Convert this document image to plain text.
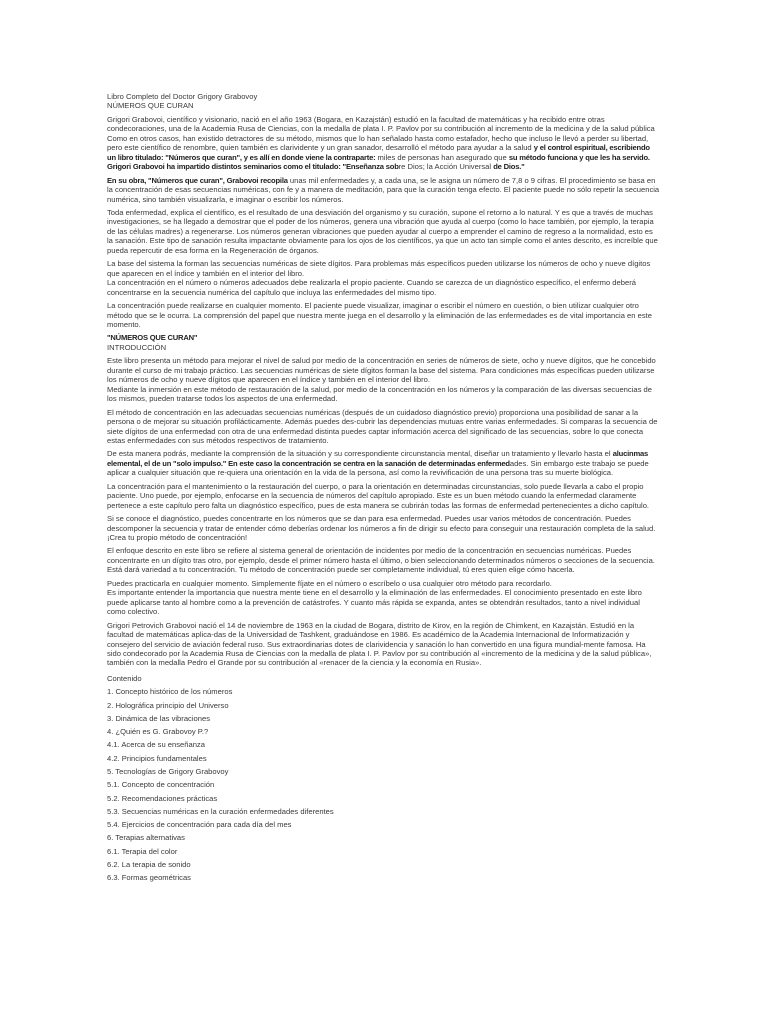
Libro Completo del Doctor Grigory Grabovoy
NÚMEROS QUE CURAN

Grigori Grabovoi, científico y visionario, nació en el año 1963 (Bogara, en Kazajstán) estudió en la facultad de matemáticas y ha recibido entre otras condecoraciones, una de la Academia Rusa de Ciencias, con la medalla de plata I. P. Pavlov por su contribución al incremento de la medicina y de la salud pública Como en otros casos, han existido detractores de su método, mismos que lo han señalado hasta como estafador, hecho que incluso le llevó a perder su libertad, pero este científico de renombre, quien también es clarividente y un gran sanador, desarrolló el método para ayudar a la salud y el control espiritual, escribiendo un libro titulado: "Números que curan", y es allí en donde viene la contraparte: miles de personas han asegurado que su método funciona y que les ha servido. Grigori Grabovoi ha impartido distintos seminarios como el titulado: "Enseñanza sobre Dios; la Acción Universal de Dios."

En su obra, "Números que curan", Grabovoi recopila unas mil enfermedades y, a cada una, se le asigna un número de 7,8 o 9 cifras. El procedimiento se basa en la concentración de esas secuencias numéricas, con fe y a manera de meditación, para que la curación tenga efecto. El paciente puede no sólo repetir la secuencia numérica, sino también visualizarla, e imaginar o escribir los números.

Toda enfermedad, explica el científico, es el resultado de una desviación del organismo y su curación, supone el retorno a lo natural. Y es que a través de muchas investigaciones, se ha llegado a demostrar que el poder de los números, genera una vibración que ayuda al cuerpo (como lo hace también, por ejemplo, la terapia de las células madres) a regenerarse. Los números generan vibraciones que pueden ayudar al cuerpo a emprender el camino de regreso a la normalidad, esto es la sanación. Este tipo de sanación resulta impactante obviamente para los ojos de los científicos, ya que un acto tan simple como el antes descrito, es increíble que pueda repercutir de esa forma en la Regeneración de órganos.

La base del sistema la forman las secuencias numéricas de siete dígitos. Para problemas más específicos pueden utilizarse los números de ocho y nueve dígitos que aparecen en el índice y también en el interior del libro.

La concentración en el número o números adecuados debe realizarla el propio paciente. Cuando se carezca de un diagnóstico específico, el enfermo deberá concentrarse en la secuencia numérica del capítulo que incluya las enfermedades del mismo tipo.

La concentración puede realizarse en cualquier momento. El paciente puede visualizar, imaginar o escribir el número en cuestión, o bien utilizar cualquier otro método que se le ocurra. La comprensión del papel que nuestra mente juega en el desarrollo y la eliminación de las enfermedades es de vital importancia en este momento.

"NÚMEROS QUE CURAN"
INTRODUCCIÓN

Este libro presenta un método para mejorar el nivel de salud por medio de la concentración en series de números de siete, ocho y nueve dígitos, que he concebido durante el curso de mi trabajo práctico. Las secuencias numéricas de siete dígitos forman la base del sistema. Para condiciones más específicas pueden utilizarse los números de ocho y nueve dígitos que aparecen en el índice y también en el interior del libro.

Mediante la inmersión en este método de restauración de la salud, por medio de la concentración en los números y la comparación de las diversas secuencias de los mismos, pueden tratarse todos los aspectos de una enfermedad.

El método de concentración en las adecuadas secuencias numéricas (después de un cuidadoso diagnóstico previo) proporciona una posibilidad de sanar a la persona o de mejorar su situación profilácticamente. Además puedes des-cubrir las dependencias mutuas entre varias enfermedades. Si comparas la secuencia de siete dígitos de una enfermedad con otra de una enfermedad distinta puedes captar información acerca del significado de las secuencias, sobre lo que conecta estas enfermedades con sus métodos respectivos de tratamiento.

De esta manera podrás, mediante la comprensión de la situación y su correspondiente circunstancia mental, diseñar un tratamiento y llevarlo hasta el alucinmas elemental, el de un "solo impulso." En este caso la concentración se centra en la sanación de determinadas enfermedades. Sin embargo este trabajo se puede aplicar a cualquier situación que re-quiera una orientación en la vida de la persona, así como la revivificación de una persona tras su muerte biológica.

La concentración para el mantenimiento o la restauración del cuerpo, o para la orientación en determinadas circunstancias, solo puede llevarla a cabo el propio paciente. Uno puede, por ejemplo, enfocarse en la secuencia de números del capítulo apropiado. Este es un buen método cuando la enfermedad claramente pertenece a este capítulo pero falta un diagnóstico específico, pues de esta manera se cubrirán todas las formas de enfermedad pertenecientes a dicho capítulo.

Si se conoce el diagnóstico, puedes concentrarte en los números que se dan para esa enfermedad. Puedes usar varios métodos de concentración. Puedes descomponer la secuencia y tratar de entender cómo deberías ordenar los números a fin de dirigir su efecto para conseguir una restauración completa de la salud. ¡Crea tu propio método de concentración!

El enfoque descrito en este libro se refiere al sistema general de orientación de incidentes por medio de la concentración en secuencias numéricas. Puedes concentrarte en un dígito tras otro, por ejemplo, desde el primer número hasta el último, o bien seleccionando determinados números o secciones de la secuencia. Está dará variedad a tu concentración. Tu método de concentración puede ser completamente individual, tú eres quien elige cómo hacerla.

Puedes practicarla en cualquier momento. Simplemente fíjate en el número o escríbelo o usa cualquier otro método para recordarlo.

Es importante entender la importancia que nuestra mente tiene en el desarrollo y la eliminación de las enfermedades. El conocimiento presentado en este libro puede aplicarse tanto al hombre como a la prevención de catástrofes. Y cuanto más rápida se expanda, antes se obtendrán resultados, tanto a nivel individual como colectivo.

Grigori Petrovich Grabovoi nació el 14 de noviembre de 1963 en la ciudad de Bogara, distrito de Kirov, en la región de Chimkent, en Kazajstán. Estudió en la facultad de matemáticas aplica-das de la Universidad de Tashkent, graduándose en 1986. Es académico de la Academia Internacional de Informatización y consejero del servicio de aviación federal ruso. Sus extraordinarias dotes de clarividencia y sanación lo han convertido en una figura mundial-mente famosa. Ha sido condecorado por la Academia Rusa de Ciencias con la medalla de plata I. P. Pavlov por su contribución al «incremento de la medicina y de la salud pública», también con la medalla Pedro el Grande por su contribución al «renacer de la ciencia y la economía en Rusia».

Contenido
1. Concepto histórico de los números
2. Holográfica principio del Universo
3. Dinámica de las vibraciones
4. ¿Quién es G. Grabovoy P.?
4.1. Acerca de su enseñanza
4.2. Principios fundamentales
5. Tecnologías de Grigory Grabovoy
5.1. Concepto de concentración
5.2. Recomendaciones prácticas
5.3. Secuencias numéricas en la curación enfermedades diferentes
5.4. Ejercicios de concentración para cada día del mes
6. Terapias alternativas
6.1. Terapia del color
6.2. La terapia de sonido
6.3. Formas geométricas
